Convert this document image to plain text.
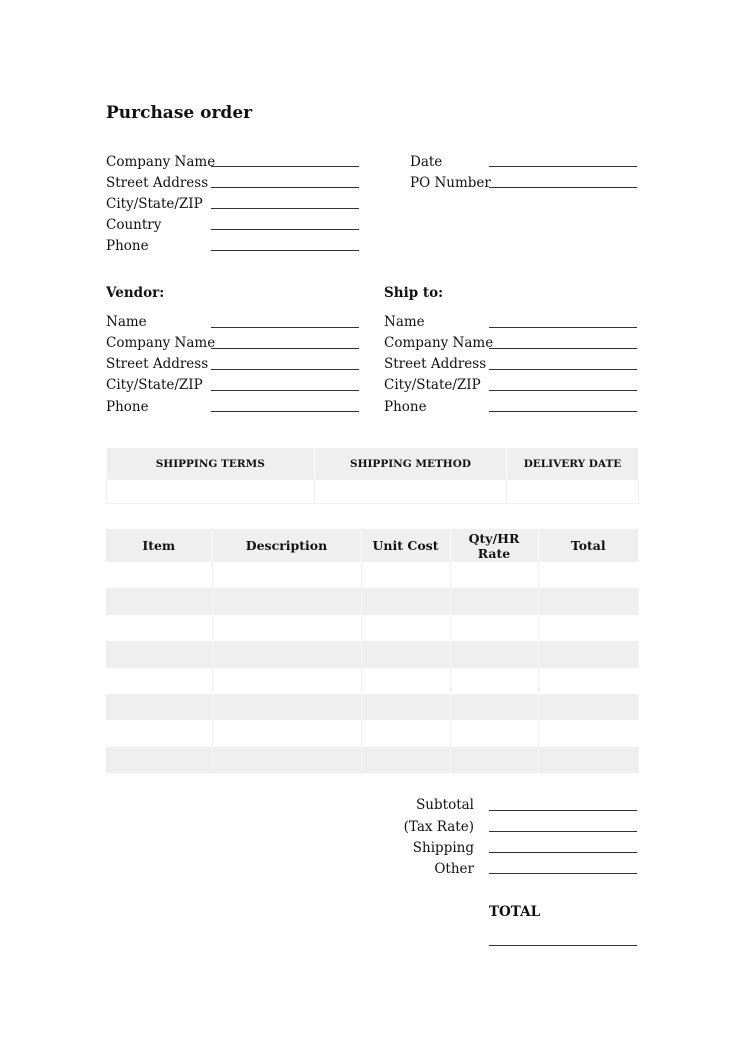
Purchase order
Company Name
Street Address
City/State/ZIP
Country
Phone
Date
PO Number
Vendor:
Name
Company Name
Street Address
City/State/ZIP
Phone
Ship to:
Name
Company Name
Street Address
City/State/ZIP
Phone
SHIPPING TERMS	SHIPPING METHOD	DELIVERY DATE

Item	Description	Unit Cost	Qty/HR Rate	Total

Subtotal
(Tax Rate)
Shipping
Other
TOTAL
